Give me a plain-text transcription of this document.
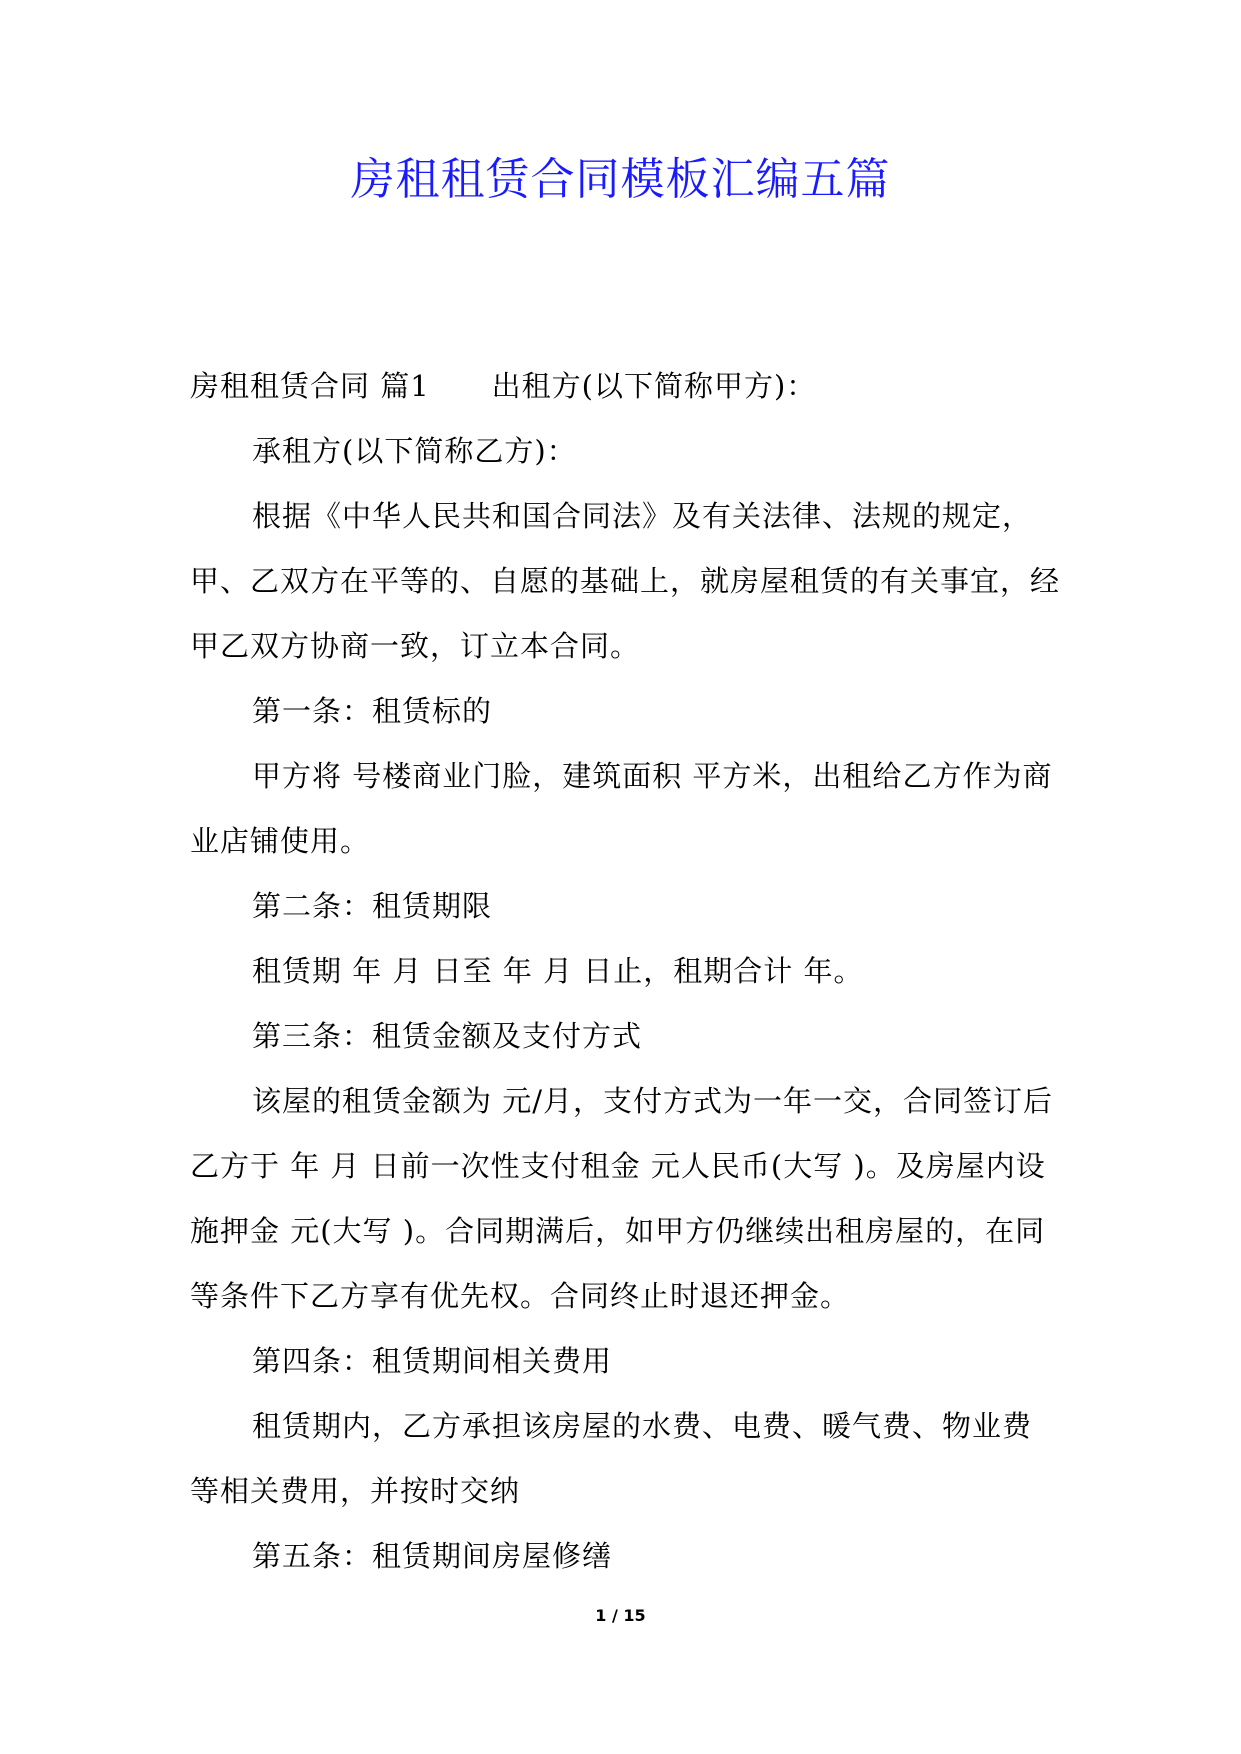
房租租赁合同模板汇编五篇

房租租赁合同 篇1 出租方(以下简称甲方)：

承租方(以下简称乙方)：

根据《中华人民共和国合同法》及有关法律、法规的规定，甲、乙双方在平等的、自愿的基础上，就房屋租赁的有关事宜，经甲乙双方协商一致，订立本合同。

第一条：租赁标的

甲方将 号楼商业门脸，建筑面积 平方米，出租给乙方作为商业店铺使用。

第二条：租赁期限

租赁期 年 月 日至 年 月 日止，租期合计 年。

第三条：租赁金额及支付方式

该屋的租赁金额为 元/月，支付方式为一年一交，合同签订后乙方于 年 月 日前一次性支付租金 元人民币(大写 )。及房屋内设施押金 元(大写 )。合同期满后，如甲方仍继续出租房屋的，在同等条件下乙方享有优先权。合同终止时退还押金。

第四条：租赁期间相关费用

租赁期内，乙方承担该房屋的水费、电费、暖气费、物业费等相关费用，并按时交纳

第五条：租赁期间房屋修缮

1 / 15
